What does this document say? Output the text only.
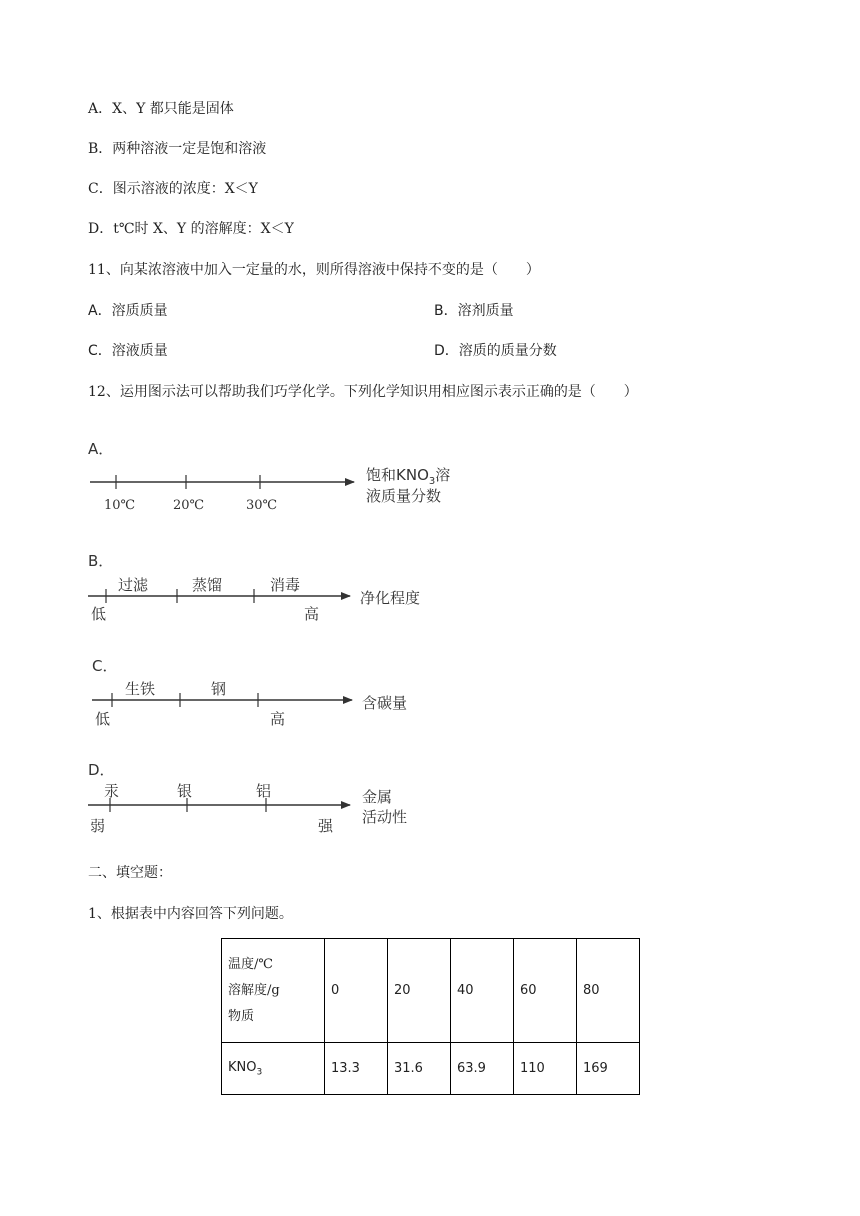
A．X、Y 都只能是固体
B．两种溶液一定是饱和溶液
C．图示溶液的浓度：X＜Y
D．t℃时 X、Y 的溶解度：X＜Y
11、向某浓溶液中加入一定量的水，则所得溶液中保持不变的是（　　）
A．溶质质量	B．溶剂质量
C．溶液质量	D．溶质的质量分数
12、运用图示法可以帮助我们巧学化学。下列化学知识用相应图示表示正确的是（　　）
A．
10℃	20℃	30℃
饱和$KNO_3$溶
液质量分数
B．
过滤	蒸馏	消毒
低	高
净化程度
C．
生铁	钢
低	高
含碳量
D．
汞	银	铝
弱	强
金属
活动性
二、填空题：
1、根据表中内容回答下列问题。
温度/℃
溶解度/g
物质	0	20	40	60	80
$KNO_3$	13.3	31.6	63.9	110	169
